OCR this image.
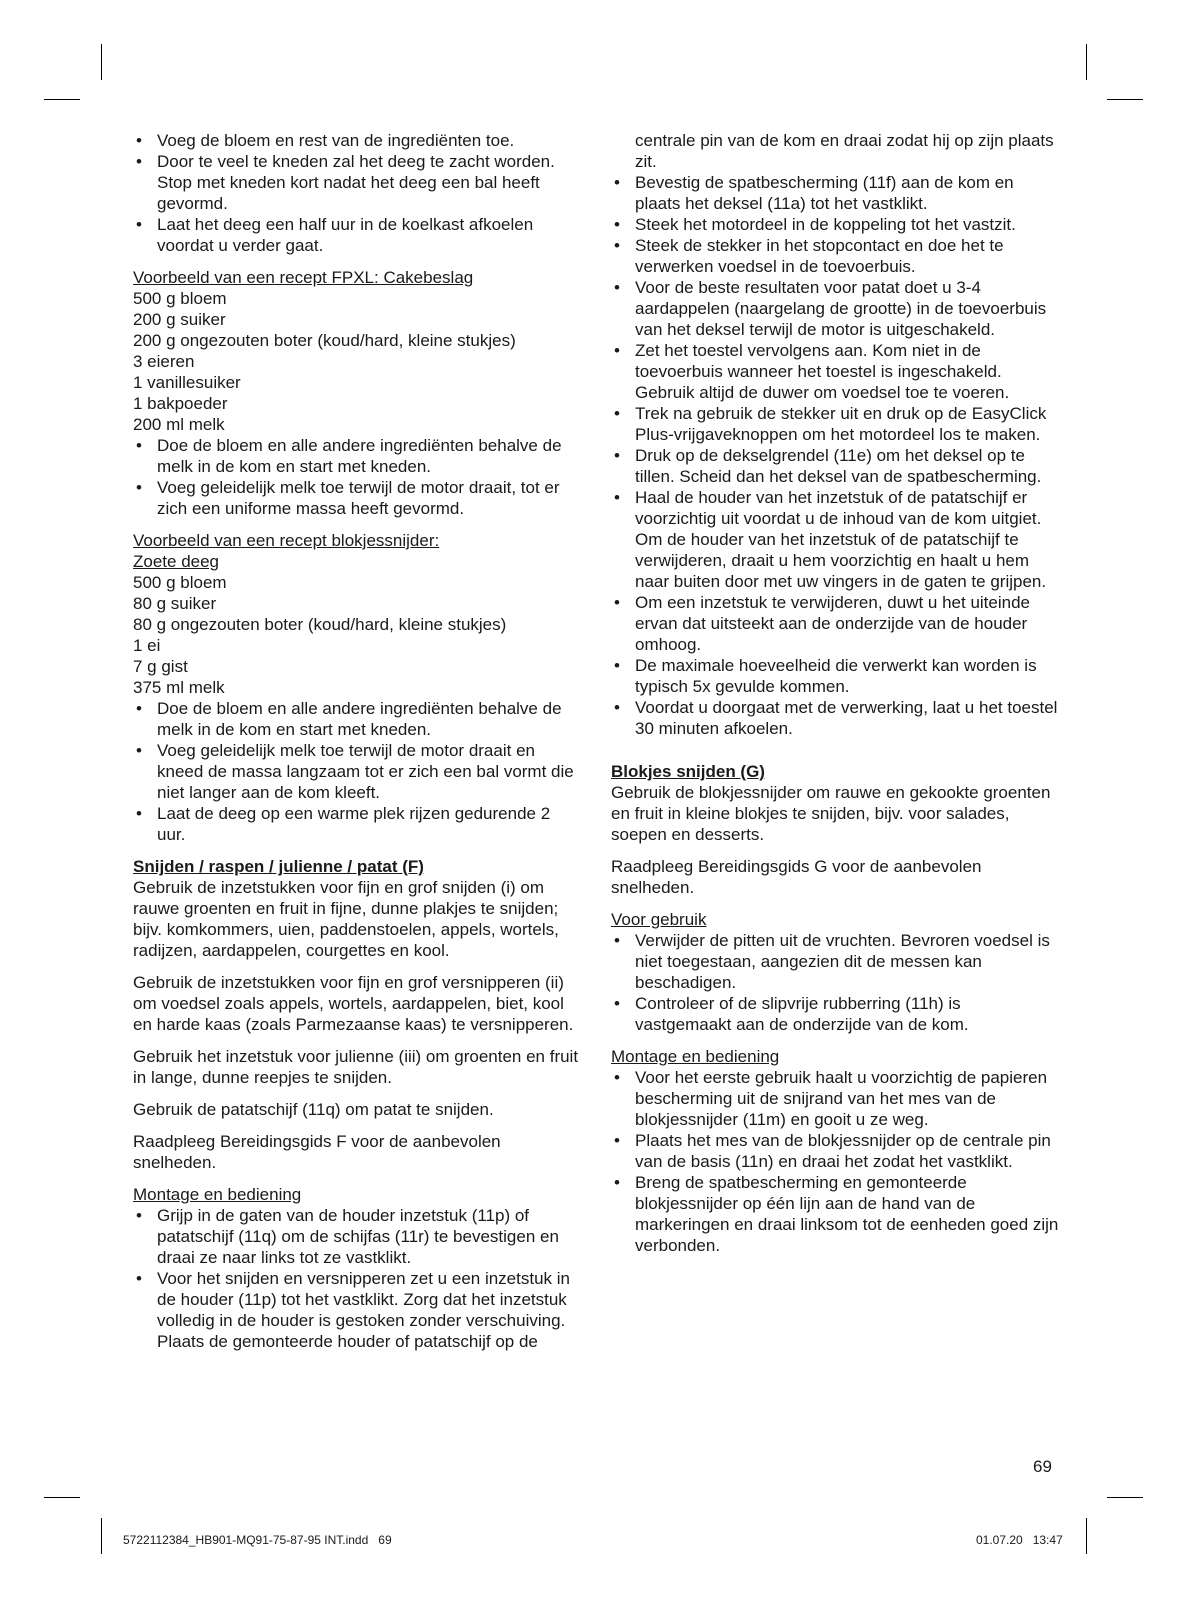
• Voeg de bloem en rest van de ingrediënten toe.
• Door te veel te kneden zal het deeg te zacht worden. Stop met kneden kort nadat het deeg een bal heeft gevormd.
• Laat het deeg een half uur in de koelkast afkoelen voordat u verder gaat.

Voorbeeld van een recept FPXL: Cakebeslag

500 g bloem

200 g suiker

200 g ongezouten boter (koud/hard, kleine stukjes)

3 eieren

1 vanillesuiker

1 bakpoeder

200 ml melk

• Doe de bloem en alle andere ingrediënten behalve de melk in de kom en start met kneden.
• Voeg geleidelijk melk toe terwijl de motor draait, tot er zich een uniforme massa heeft gevormd.

Voorbeeld van een recept blokjessnijder:

Zoete deeg

500 g bloem

80 g suiker

80 g ongezouten boter (koud/hard, kleine stukjes)

1 ei

7 g gist

375 ml melk

• Doe de bloem en alle andere ingrediënten behalve de melk in de kom en start met kneden.
• Voeg geleidelijk melk toe terwijl de motor draait en kneed de massa langzaam tot er zich een bal vormt die niet langer aan de kom kleeft.
• Laat de deeg op een warme plek rijzen gedurende 2 uur.

Snijden / raspen / julienne / patat (F)

Gebruik de inzetstukken voor fijn en grof snijden (i) om rauwe groenten en fruit in fijne, dunne plakjes te snijden; bijv. komkommers, uien, paddenstoelen, appels, wortels, radijzen, aardappelen, courgettes en kool.

Gebruik de inzetstukken voor fijn en grof versnipperen (ii) om voedsel zoals appels, wortels, aardappelen, biet, kool en harde kaas (zoals Parmezaanse kaas) te versnipperen.

Gebruik het inzetstuk voor julienne (iii) om groenten en fruit in lange, dunne reepjes te snijden.

Gebruik de patatschijf (11q) om patat te snijden.

Raadpleeg Bereidingsgids F voor de aanbevolen snelheden.

Montage en bediening

• Grijp in de gaten van de houder inzetstuk (11p) of patatschijf (11q) om de schijfas (11r) te bevestigen en draai ze naar links tot ze vastklikt.
• Voor het snijden en versnipperen zet u een inzetstuk in de houder (11p) tot het vastklikt. Zorg dat het inzetstuk volledig in de houder is gestoken zonder verschuiving. Plaats de gemonteerde houder of patatschijf op de

centrale pin van de kom en draai zodat hij op zijn plaats zit.

• Bevestig de spatbescherming (11f) aan de kom en plaats het deksel (11a) tot het vastklikt.
• Steek het motordeel in de koppeling tot het vastzit.
• Steek de stekker in het stopcontact en doe het te verwerken voedsel in de toevoerbuis.
• Voor de beste resultaten voor patat doet u 3-4 aardappelen (naargelang de grootte) in de toevoerbuis van het deksel terwijl de motor is uitgeschakeld.
• Zet het toestel vervolgens aan. Kom niet in de toevoerbuis wanneer het toestel is ingeschakeld. Gebruik altijd de duwer om voedsel toe te voeren.
• Trek na gebruik de stekker uit en druk op de EasyClick Plus-vrijgaveknoppen om het motordeel los te maken.
• Druk op de dekselgrendel (11e) om het deksel op te tillen. Scheid dan het deksel van de spatbescherming.
• Haal de houder van het inzetstuk of de patatschijf er voorzichtig uit voordat u de inhoud van de kom uitgiet. Om de houder van het inzetstuk of de patatschijf te verwijderen, draait u hem voorzichtig en haalt u hem naar buiten door met uw vingers in de gaten te grijpen.
• Om een inzetstuk te verwijderen, duwt u het uiteinde ervan dat uitsteekt aan de onderzijde van de houder omhoog.
• De maximale hoeveelheid die verwerkt kan worden is typisch 5x gevulde kommen.
• Voordat u doorgaat met de verwerking, laat u het toestel 30 minuten afkoelen.

Blokjes snijden (G)

Gebruik de blokjessnijder om rauwe en gekookte groenten en fruit in kleine blokjes te snijden, bijv. voor salades, soepen en desserts.

Raadpleeg Bereidingsgids G voor de aanbevolen snelheden.

Voor gebruik

• Verwijder de pitten uit de vruchten. Bevroren voedsel is niet toegestaan, aangezien dit de messen kan beschadigen.
• Controleer of de slipvrije rubberring (11h) is vastgemaakt aan de onderzijde van de kom.

Montage en bediening

• Voor het eerste gebruik haalt u voorzichtig de papieren bescherming uit de snijrand van het mes van de blokjessnijder (11m) en gooit u ze weg.
• Plaats het mes van de blokjessnijder op de centrale pin van de basis (11n) en draai het zodat het vastklikt.
• Breng de spatbescherming en gemonteerde blokjessnijder op één lijn aan de hand van de markeringen en draai linksom tot de eenheden goed zijn verbonden.
69
5722112384_HB901-MQ91-75-87-95 INT.indd   69	01.07.20   13:47
